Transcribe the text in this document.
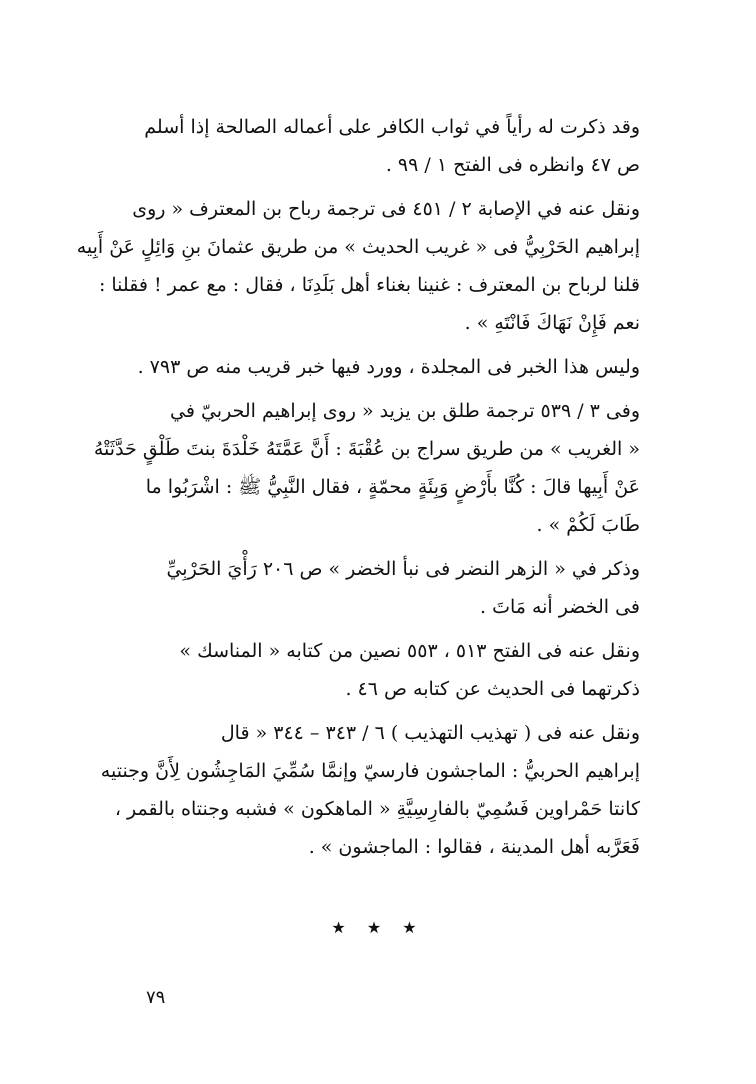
وقد ذكرت له رأياً في ثواب الكافر على أعماله الصالحة إذا أسلم
ص ٤٧ وانظره فى الفتح ١ / ٩٩ .
ونقل عنه في الإصابة ٢ / ٤٥١ فى ترجمة رباح بن المعترف « روى
إبراهيم الحَرْبِيُّ فى « غريب الحديث » من طريق عثمانَ بنِ وَائِلٍ عَنْ أَبِيه
قلنا لرباح بن المعترف : غنينا بغناء أهل بَلَدِنَا ، فقال : مع عمر ! فقلنا :
نعم فَإِنْ نَهَاكَ فَانْتَهِ » .
وليس هذا الخبر فى المجلدة ، وورد فيها خبر قريب منه ص ٧٩٣ .
وفى ٣ / ٥٣٩ ترجمة طلق بن يزيد « روى إبراهيم الحربيّ في
« الغريب » من طريق سراج بن عُقْبَةَ : أَنَّ عَمَّتَهُ خَلْدَةَ بنتَ طَلْقٍ حَدَّثَتْهُ
عَنْ أَبِيها قالَ : كُنَّا بأَرْضٍ وَبِئَةٍ محمّةٍ ، فقال النَّبِيُّ ﷺ : اشْرَبُوا ما
طَابَ لَكُمْ » .
وذكر في « الزهر النضر فى نبأ الخضر » ص ٢٠٦ رَأْيَ الحَرْبِيِّ
فى الخضر أنه مَاتَ .
ونقل عنه فى الفتح ٥١٣ ، ٥٥٣ نصين من كتابه « المناسك »
ذكرتهما فى الحديث عن كتابه ص ٤٦ .
ونقل عنه فى ( تهذيب التهذيب ) ٦ / ٣٤٣ – ٣٤٤ « قال
إبراهيم الحربيُّ : الماجشون فارسيّ وإنمَّا سُمِّيَ المَاجِشُون لِأَنَّ وجنتيه
كانتا حَمْراوين فَسُمِيّ بالفارِسِيَّةِ « الماهكون » فشبه وجنتاه بالقمر ،
فَعَرَّبه أهل المدينة ، فقالوا : الماجشون » .
★ ★ ★
٧٩
